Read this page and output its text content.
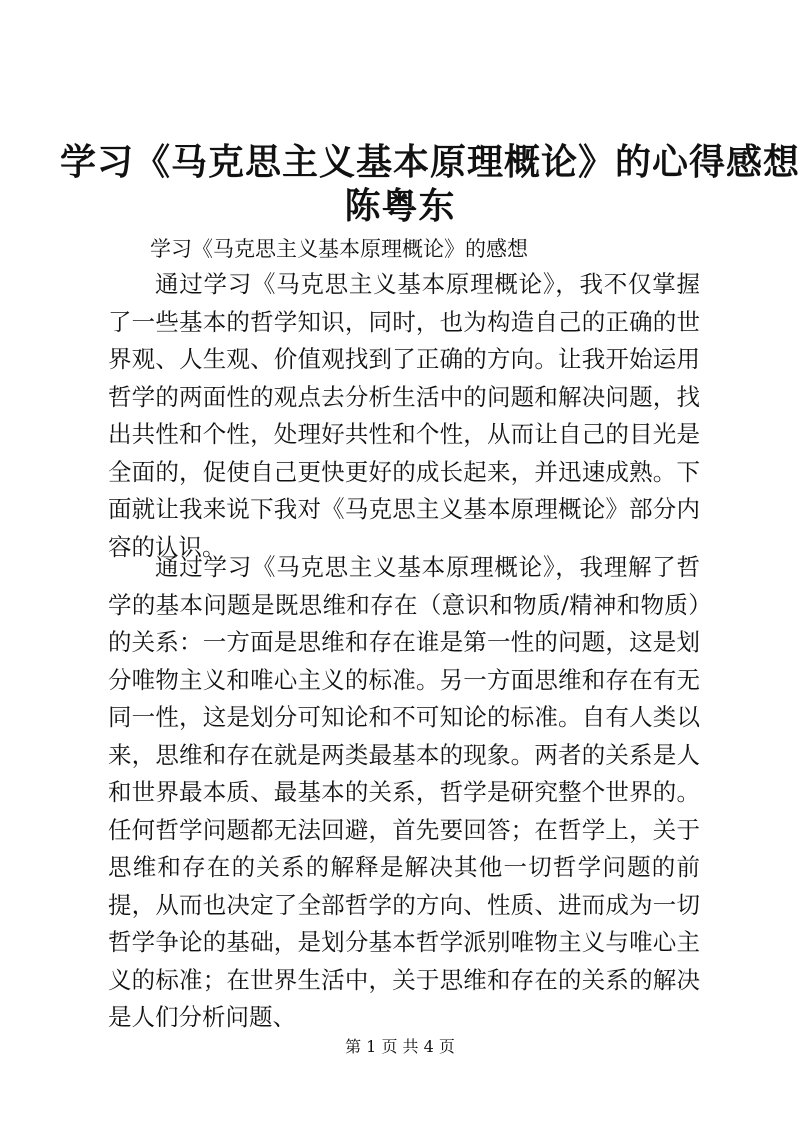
学习《马克思主义基本原理概论》的心得感想
陈粤东
学习《马克思主义基本原理概论》的感想

通过学习《马克思主义基本原理概论》，我不仅掌握了一些基本的哲学知识，同时，也为构造自己的正确的世界观、人生观、价值观找到了正确的方向。让我开始运用哲学的两面性的观点去分析生活中的问题和解决问题，找出共性和个性，处理好共性和个性，从而让自己的目光是全面的，促使自己更快更好的成长起来，并迅速成熟。下面就让我来说下我对《马克思主义基本原理概论》部分内容的认识。

通过学习《马克思主义基本原理概论》，我理解了哲学的基本问题是既思维和存在（意识和物质/精神和物质）的关系：一方面是思维和存在谁是第一性的问题，这是划分唯物主义和唯心主义的标准。另一方面思维和存在有无同一性，这是划分可知论和不可知论的标准。自有人类以来，思维和存在就是两类最基本的现象。两者的关系是人和世界最本质、最基本的关系，哲学是研究整个世界的。任何哲学问题都无法回避，首先要回答；在哲学上，关于思维和存在的关系的解释是解决其他一切哲学问题的前提，从而也决定了全部哲学的方向、性质、进而成为一切哲学争论的基础，是划分基本哲学派别唯物主义与唯心主义的标准；在世界生活中，关于思维和存在的关系的解决是人们分析问题、

第 1 页 共 4 页
